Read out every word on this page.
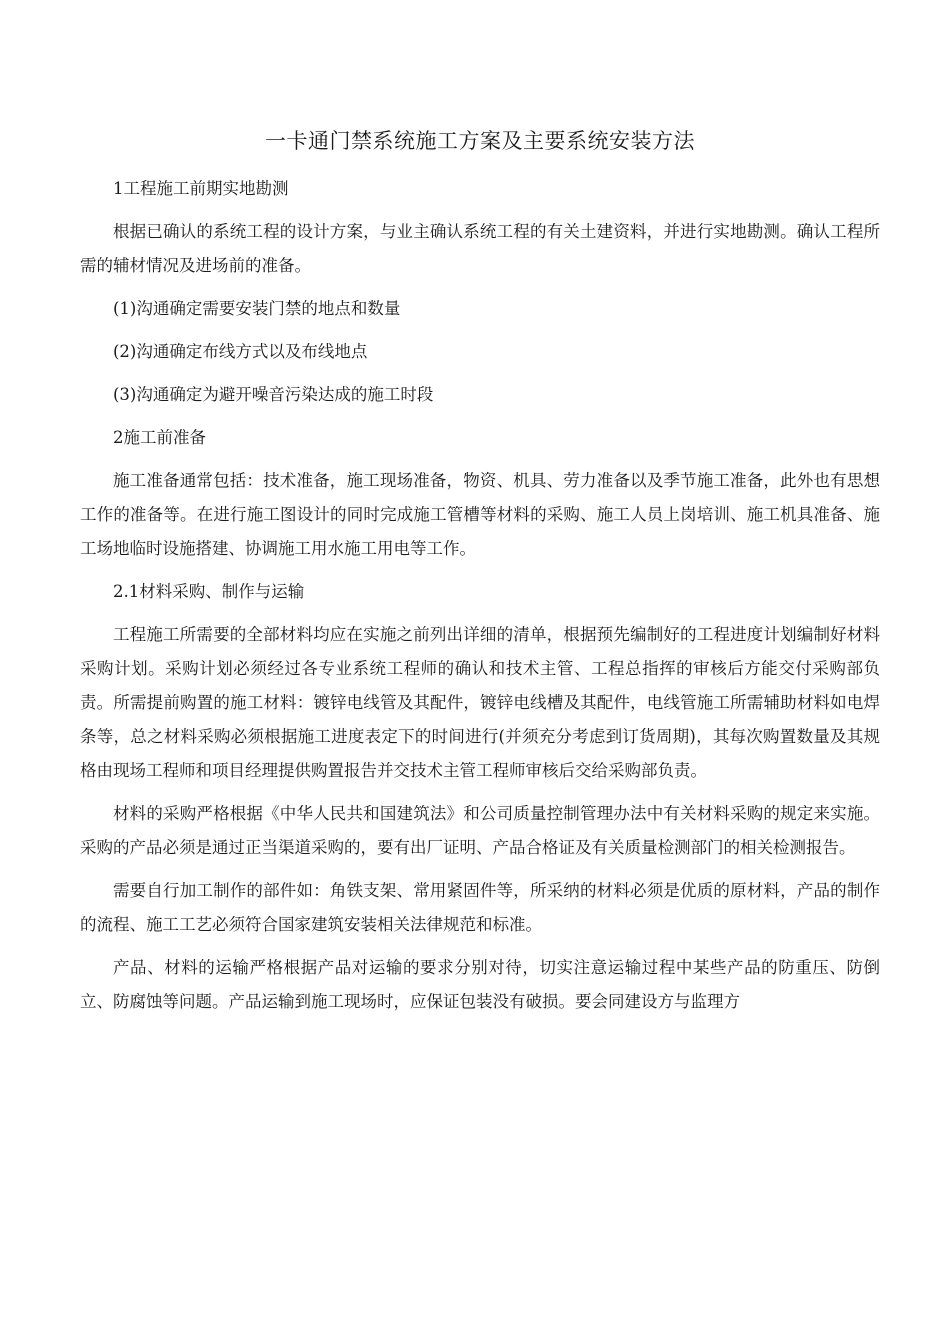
一卡通门禁系统施工方案及主要系统安装方法

1工程施工前期实地勘测

根据已确认的系统工程的设计方案，与业主确认系统工程的有关土建资料，并进行实地勘测。确认工程所需的辅材情况及进场前的准备。

(1)沟通确定需要安装门禁的地点和数量

(2)沟通确定布线方式以及布线地点

(3)沟通确定为避开噪音污染达成的施工时段

2施工前准备

施工准备通常包括：技术准备，施工现场准备，物资、机具、劳力准备以及季节施工准备，此外也有思想工作的准备等。在进行施工图设计的同时完成施工管槽等材料的采购、施工人员上岗培训、施工机具准备、施工场地临时设施搭建、协调施工用水施工用电等工作。

2.1材料采购、制作与运输

工程施工所需要的全部材料均应在实施之前列出详细的清单，根据预先编制好的工程进度计划编制好材料采购计划。采购计划必须经过各专业系统工程师的确认和技术主管、工程总指挥的审核后方能交付采购部负责。所需提前购置的施工材料：镀锌电线管及其配件，镀锌电线槽及其配件，电线管施工所需辅助材料如电焊条等，总之材料采购必须根据施工进度表定下的时间进行(并须充分考虑到订货周期)，其每次购置数量及其规格由现场工程师和项目经理提供购置报告并交技术主管工程师审核后交给采购部负责。

材料的采购严格根据《中华人民共和国建筑法》和公司质量控制管理办法中有关材料采购的规定来实施。采购的产品必须是通过正当渠道采购的，要有出厂证明、产品合格证及有关质量检测部门的相关检测报告。

需要自行加工制作的部件如：角铁支架、常用紧固件等，所采纳的材料必须是优质的原材料，产品的制作的流程、施工工艺必须符合国家建筑安装相关法律规范和标准。

产品、材料的运输严格根据产品对运输的要求分别对待，切实注意运输过程中某些产品的防重压、防倒立、防腐蚀等问题。产品运输到施工现场时，应保证包装没有破损。要会同建设方与监理方
